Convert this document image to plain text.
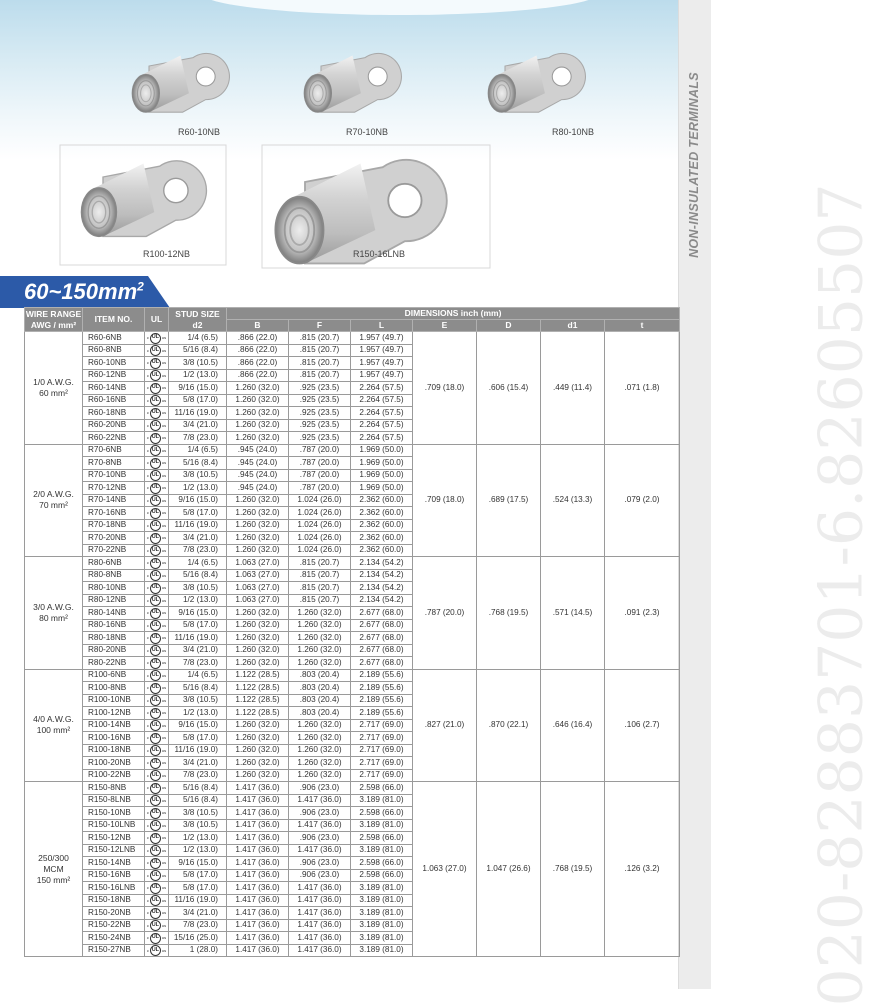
NON-INSULATED TERMINALS
R60-10NB	R70-10NB	R80-10NB
R100-12NB	R150-16LNB	020-82883701-6.82605507
$60\sim 150mm^2$
WIRE RANGE
AWG / mm²	ITEM NO.	UL	STUD SIZE
d2	DIMENSIONS inch (mm)						
				B	F	L	E	D	d1	t
1/0 A.W.G.
60 mm²	R60-6NB	c UL us	1/4 (6.5)	.866 (22.0)	.815 (20.7)	1.957 (49.7)	.709 (18.0)	.606 (15.4)	.449 (11.4)	.071 (1.8)
	R60-8NB	c UL us	5/16 (8.4)	.866 (22.0)	.815 (20.7)	1.957 (49.7)				
	R60-10NB	c UL us	3/8 (10.5)	.866 (22.0)	.815 (20.7)	1.957 (49.7)				
	R60-12NB	c UL us	1/2 (13.0)	.866 (22.0)	.815 (20.7)	1.957 (49.7)				
	R60-14NB	c UL us	9/16 (15.0)	1.260 (32.0)	.925 (23.5)	2.264 (57.5)				
	R60-16NB	c UL us	5/8 (17.0)	1.260 (32.0)	.925 (23.5)	2.264 (57.5)				
	R60-18NB	c UL us	11/16 (19.0)	1.260 (32.0)	.925 (23.5)	2.264 (57.5)				
	R60-20NB	c UL us	3/4 (21.0)	1.260 (32.0)	.925 (23.5)	2.264 (57.5)				
	R60-22NB	c UL us	7/8 (23.0)	1.260 (32.0)	.925 (23.5)	2.264 (57.5)				
2/0 A.W.G.
70 mm²	R70-6NB	c UL us	1/4 (6.5)	.945 (24.0)	.787 (20.0)	1.969 (50.0)	.709 (18.0)	.689 (17.5)	.524 (13.3)	.079 (2.0)
	R70-8NB	c UL us	5/16 (8.4)	.945 (24.0)	.787 (20.0)	1.969 (50.0)				
	R70-10NB	c UL us	3/8 (10.5)	.945 (24.0)	.787 (20.0)	1.969 (50.0)				
	R70-12NB	c UL us	1/2 (13.0)	.945 (24.0)	.787 (20.0)	1.969 (50.0)				
	R70-14NB	c UL us	9/16 (15.0)	1.260 (32.0)	1.024 (26.0)	2.362 (60.0)				
	R70-16NB	c UL us	5/8 (17.0)	1.260 (32.0)	1.024 (26.0)	2.362 (60.0)				
	R70-18NB	c UL us	11/16 (19.0)	1.260 (32.0)	1.024 (26.0)	2.362 (60.0)				
	R70-20NB	c UL us	3/4 (21.0)	1.260 (32.0)	1.024 (26.0)	2.362 (60.0)				
	R70-22NB	c UL us	7/8 (23.0)	1.260 (32.0)	1.024 (26.0)	2.362 (60.0)				
3/0 A.W.G.
80 mm²	R80-6NB	c UL us	1/4 (6.5)	1.063 (27.0)	.815 (20.7)	2.134 (54.2)	.787 (20.0)	.768 (19.5)	.571 (14.5)	.091 (2.3)
	R80-8NB	c UL us	5/16 (8.4)	1.063 (27.0)	.815 (20.7)	2.134 (54.2)				
	R80-10NB	c UL us	3/8 (10.5)	1.063 (27.0)	.815 (20.7)	2.134 (54.2)				
	R80-12NB	c UL us	1/2 (13.0)	1.063 (27.0)	.815 (20.7)	2.134 (54.2)				
	R80-14NB	c UL us	9/16 (15.0)	1.260 (32.0)	1.260 (32.0)	2.677 (68.0)				
	R80-16NB	c UL us	5/8 (17.0)	1.260 (32.0)	1.260 (32.0)	2.677 (68.0)				
	R80-18NB	c UL us	11/16 (19.0)	1.260 (32.0)	1.260 (32.0)	2.677 (68.0)				
	R80-20NB	c UL us	3/4 (21.0)	1.260 (32.0)	1.260 (32.0)	2.677 (68.0)				
	R80-22NB	c UL us	7/8 (23.0)	1.260 (32.0)	1.260 (32.0)	2.677 (68.0)				
4/0 A.W.G.
100 mm²	R100-6NB	c UL us	1/4 (6.5)	1.122 (28.5)	.803 (20.4)	2.189 (55.6)	.827 (21.0)	.870 (22.1)	.646 (16.4)	.106 (2.7)
	R100-8NB	c UL us	5/16 (8.4)	1.122 (28.5)	.803 (20.4)	2.189 (55.6)				
	R100-10NB	c UL us	3/8 (10.5)	1.122 (28.5)	.803 (20.4)	2.189 (55.6)				
	R100-12NB	c UL us	1/2 (13.0)	1.122 (28.5)	.803 (20.4)	2.189 (55.6)				
	R100-14NB	c UL us	9/16 (15.0)	1.260 (32.0)	1.260 (32.0)	2.717 (69.0)				
	R100-16NB	c UL us	5/8 (17.0)	1.260 (32.0)	1.260 (32.0)	2.717 (69.0)				
	R100-18NB	c UL us	11/16 (19.0)	1.260 (32.0)	1.260 (32.0)	2.717 (69.0)				
	R100-20NB	c UL us	3/4 (21.0)	1.260 (32.0)	1.260 (32.0)	2.717 (69.0)				
	R100-22NB	c UL us	7/8 (23.0)	1.260 (32.0)	1.260 (32.0)	2.717 (69.0)				
250/300
MCM
150 mm²	R150-8NB	c UL us	5/16 (8.4)	1.417 (36.0)	.906 (23.0)	2.598 (66.0)	1.063 (27.0)	1.047 (26.6)	.768 (19.5)	.126 (3.2)
	R150-8LNB	c UL us	5/16 (8.4)	1.417 (36.0)	1.417 (36.0)	3.189 (81.0)				
	R150-10NB	c UL us	3/8 (10.5)	1.417 (36.0)	.906 (23.0)	2.598 (66.0)				
	R150-10LNB	c UL us	3/8 (10.5)	1.417 (36.0)	1.417 (36.0)	3.189 (81.0)				
	R150-12NB	c UL us	1/2 (13.0)	1.417 (36.0)	.906 (23.0)	2.598 (66.0)				
	R150-12LNB	c UL us	1/2 (13.0)	1.417 (36.0)	1.417 (36.0)	3.189 (81.0)				
	R150-14NB	c UL us	9/16 (15.0)	1.417 (36.0)	.906 (23.0)	2.598 (66.0)				
	R150-16NB	c UL us	5/8 (17.0)	1.417 (36.0)	.906 (23.0)	2.598 (66.0)				
	R150-16LNB	c UL us	5/8 (17.0)	1.417 (36.0)	1.417 (36.0)	3.189 (81.0)				
	R150-18NB	c UL us	11/16 (19.0)	1.417 (36.0)	1.417 (36.0)	3.189 (81.0)				
	R150-20NB	c UL us	3/4 (21.0)	1.417 (36.0)	1.417 (36.0)	3.189 (81.0)				
	R150-22NB	c UL us	7/8 (23.0)	1.417 (36.0)	1.417 (36.0)	3.189 (81.0)				
	R150-24NB	c UL us	15/16 (25.0)	1.417 (36.0)	1.417 (36.0)	3.189 (81.0)				
	R150-27NB	c UL us	1 (28.0)	1.417 (36.0)	1.417 (36.0)	3.189 (81.0)				
